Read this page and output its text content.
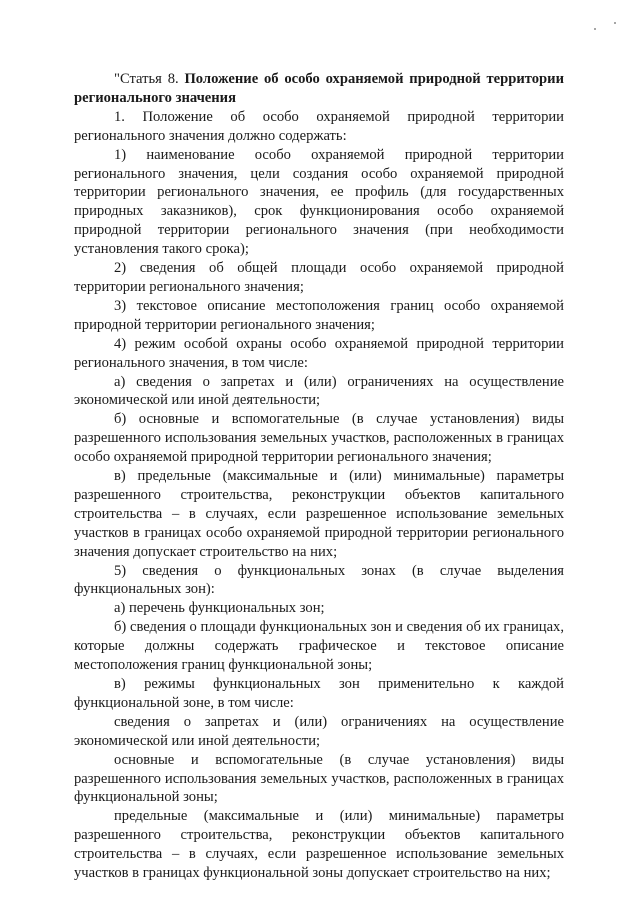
"Статья 8. Положение об особо охраняемой природной территории регионального значения

1. Положение об особо охраняемой природной территории регионального значения должно содержать:

1) наименование особо охраняемой природной территории регионального значения, цели создания особо охраняемой природной территории регионального значения, ее профиль (для государственных природных заказников), срок функционирования особо охраняемой природной территории регионального значения (при необходимости установления такого срока);

2) сведения об общей площади особо охраняемой природной территории регионального значения;

3) текстовое описание местоположения границ особо охраняемой природной территории регионального значения;

4) режим особой охраны особо охраняемой природной территории регионального значения, в том числе:

а) сведения о запретах и (или) ограничениях на осуществление экономической или иной деятельности;

б) основные и вспомогательные (в случае установления) виды разрешенного использования земельных участков, расположенных в границах особо охраняемой природной территории регионального значения;

в) предельные (максимальные и (или) минимальные) параметры разрешенного строительства, реконструкции объектов капитального строительства – в случаях, если разрешенное использование земельных участков в границах особо охраняемой природной территории регионального значения допускает строительство на них;

5) сведения о функциональных зонах (в случае выделения функциональных зон):

а) перечень функциональных зон;

б) сведения о площади функциональных зон и сведения об их границах, которые должны содержать графическое и текстовое описание местоположения границ функциональной зоны;

в) режимы функциональных зон применительно к каждой функциональной зоне, в том числе:

сведения о запретах и (или) ограничениях на осуществление экономической или иной деятельности;

основные и вспомогательные (в случае установления) виды разрешенного использования земельных участков, расположенных в границах функциональной зоны;

предельные (максимальные и (или) минимальные) параметры разрешенного строительства, реконструкции объектов капитального строительства – в случаях, если разрешенное использование земельных участков в границах функциональной зоны допускает строительство на них;
